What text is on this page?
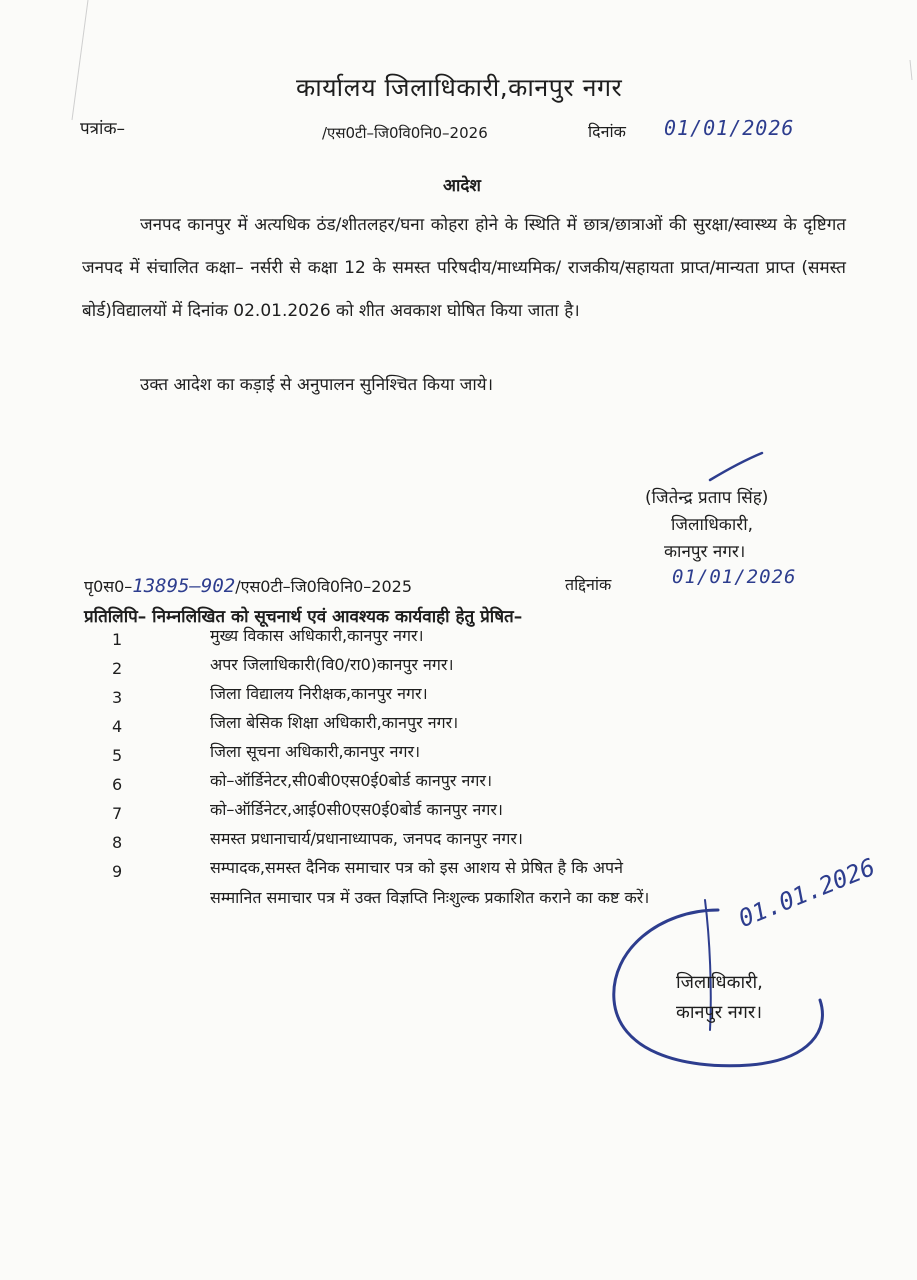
कार्यालय जिलाधिकारी,कानपुर नगर
पत्रांक–	/एस0टी–जि0वि0नि0–2026	दिनांक 01/01/2026
आदेश
जनपद कानपुर में अत्यधिक ठंड/शीतलहर/घना कोहरा होने के स्थिति में छात्र/छात्राओं की सुरक्षा/स्वास्थ्य के दृष्टिगत जनपद में संचालित कक्षा– नर्सरी से कक्षा 12 के समस्त परिषदीय/माध्यमिक/ राजकीय/सहायता प्राप्त/मान्यता प्राप्त (समस्त बोर्ड)विद्यालयों में दिनांक 02.01.2026 को शीत अवकाश घोषित किया जाता है।
उक्त आदेश का कड़ाई से अनुपालन सुनिश्चित किया जाये।
(जितेन्द्र प्रताप सिंह)
जिलाधिकारी,
कानपुर नगर।
पृ0स0–13895–902/एस0टी–जि0वि0नि0–2025	तद्दिनांक	01/01/2026
प्रतिलिपि– निम्नलिखित को सूचनार्थ एवं आवश्यक कार्यवाही हेतु प्रेषित–
1	मुख्य विकास अधिकारी,कानपुर नगर।
2	अपर जिलाधिकारी(वि0/रा0)कानपुर नगर।
3	जिला विद्यालय निरीक्षक,कानपुर नगर।
4	जिला बेसिक शिक्षा अधिकारी,कानपुर नगर।
5	जिला सूचना अधिकारी,कानपुर नगर।
6	को–ऑर्डिनेटर,सी0बी0एस0ई0बोर्ड कानपुर नगर।
7	को–ऑर्डिनेटर,आई0सी0एस0ई0बोर्ड कानपुर नगर।
8	समस्त प्रधानाचार्य/प्रधानाध्यापक, जनपद कानपुर नगर।
9	सम्पादक,समस्त दैनिक समाचार पत्र को इस आशय से प्रेषित है कि अपने
सम्मानित समाचार पत्र में उक्त विज्ञप्ति निःशुल्क प्रकाशित कराने का कष्ट करें।	01.01.2026
जिलाधिकारी,
कानपुर नगर।
